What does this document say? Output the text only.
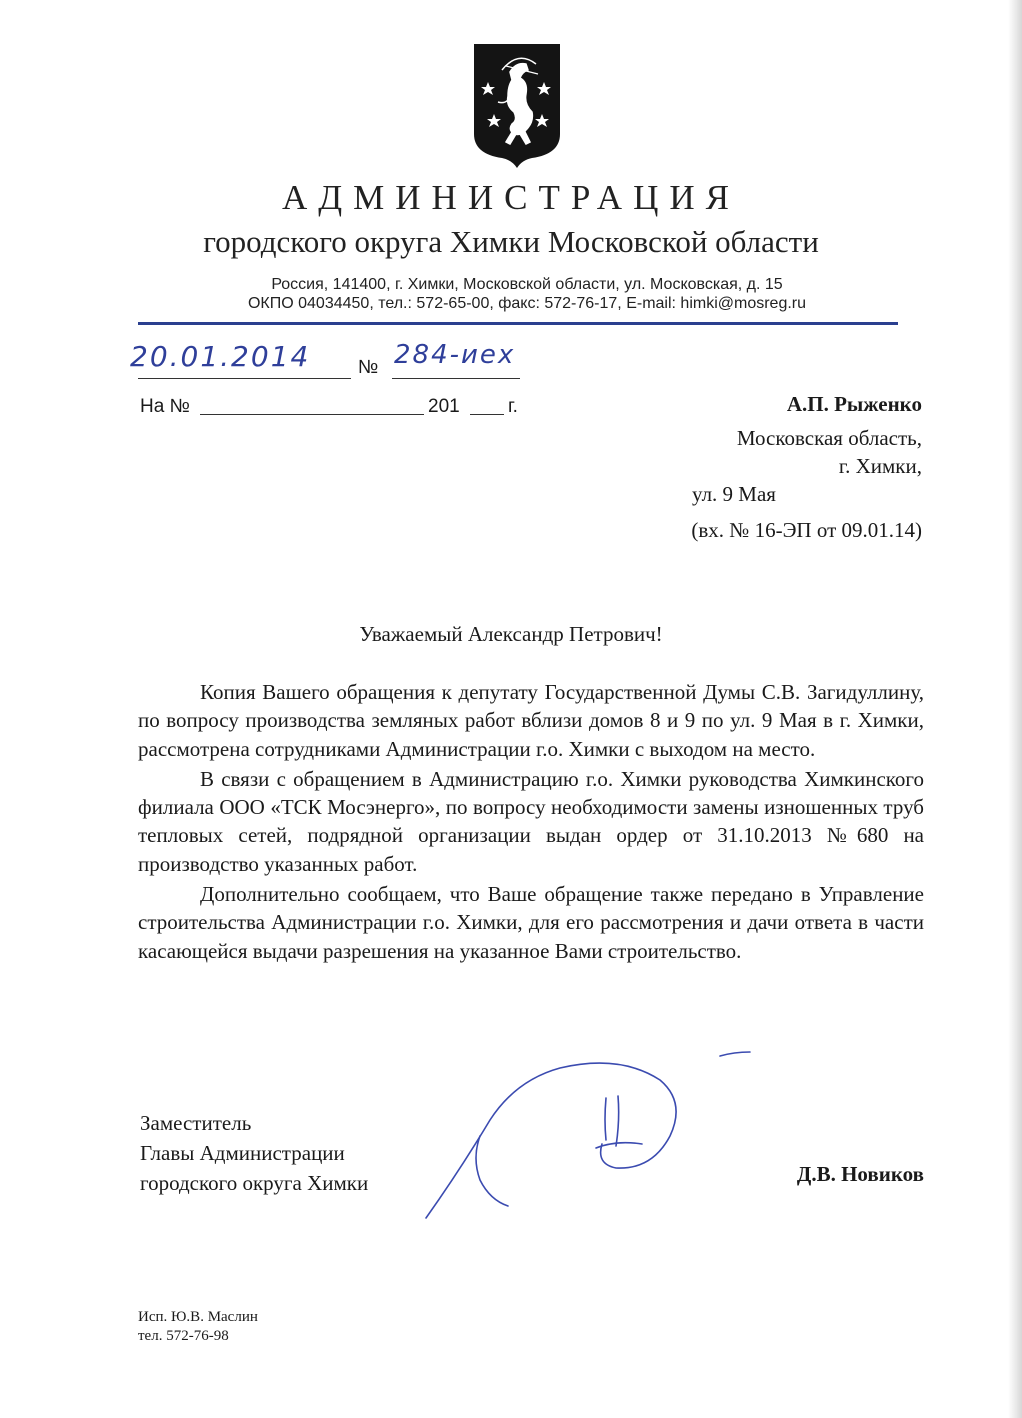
АДМИНИСТРАЦИЯ
городского округа Химки Московской области
Россия, 141400, г. Химки, Московской области, ул. Московская, д. 15
ОКПО 04034450, тел.: 572-65-00, факс: 572-76-17, E-mail: himki@mosreg.ru
20.01.2014	№ 284-иех
На №	201	г.	А.П. Рыженко
Московская область,
г. Химки,
ул. 9 Мая
(вх. № 16-ЭП от 09.01.14)
Уважаемый Александр Петрович!

Копия Вашего обращения к депутату Государственной Думы С.В. Загидуллину, по вопросу производства земляных работ вблизи домов 8 и 9 по ул. 9 Мая в г. Химки, рассмотрена сотрудниками Администрации г.о. Химки с выходом на место.

В связи с обращением в Администрацию г.о. Химки руководства Химкинского филиала ООО «ТСК Мосэнерго», по вопросу необходимости замены изношенных труб тепловых сетей, подрядной организации выдан ордер от 31.10.2013 №680 на производство указанных работ.

Дополнительно сообщаем, что Ваше обращение также передано в Управление строительства Администрации г.о. Химки, для его рассмотрения и дачи ответа в части касающейся выдачи разрешения на указанное Вами строительство.

Заместитель
Главы Администрации
городского округа Химки	Д.В. Новиков
Исп. Ю.В. Маслин
тел. 572-76-98
